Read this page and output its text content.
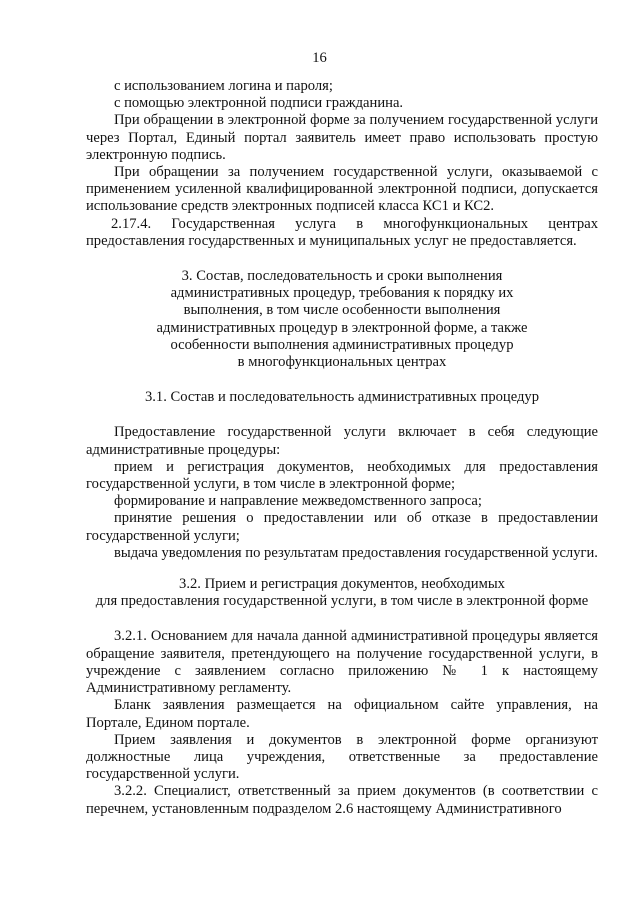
16

с использованием логина и пароля;

с помощью электронной подписи гражданина.

При обращении в электронной форме за получением государственной услуги через Портал, Единый портал заявитель имеет право использовать простую электронную подпись.

При обращении за получением государственной услуги, оказываемой с применением усиленной квалифицированной электронной подписи, допускается использование средств электронных подписей класса КС1 и КС2.

2.17.4. Государственная услуга в многофункциональных центрах предоставления государственных и муниципальных услуг не предоставляется.

3. Состав, последовательность и сроки выполнения

административных процедур, требования к порядку их

выполнения, в том числе особенности выполнения

административных процедур в электронной форме, а также

особенности выполнения административных процедур

в многофункциональных центрах

3.1. Состав и последовательность административных процедур

Предоставление государственной услуги включает в себя следующие административные процедуры:

прием и регистрация документов, необходимых для предоставления государственной услуги, в том числе в электронной форме;

формирование и направление межведомственного запроса;

принятие решения о предоставлении или об отказе в предоставлении государственной услуги;

выдача уведомления по результатам предоставления государственной услуги.

3.2. Прием и регистрация документов, необходимых

для предоставления государственной услуги, в том числе в электронной форме

3.2.1. Основанием для начала данной административной процедуры является обращение заявителя, претендующего на получение государственной услуги, в учреждение с заявлением согласно приложению № 1 к настоящему Административному регламенту.

Бланк заявления размещается на официальном сайте управления, на Портале, Едином портале.

Прием заявления и документов в электронной форме организуют должностные лица учреждения, ответственные за предоставление государственной услуги.

3.2.2. Специалист, ответственный за прием документов (в соответствии с перечнем, установленным подразделом 2.6 настоящему Административного
